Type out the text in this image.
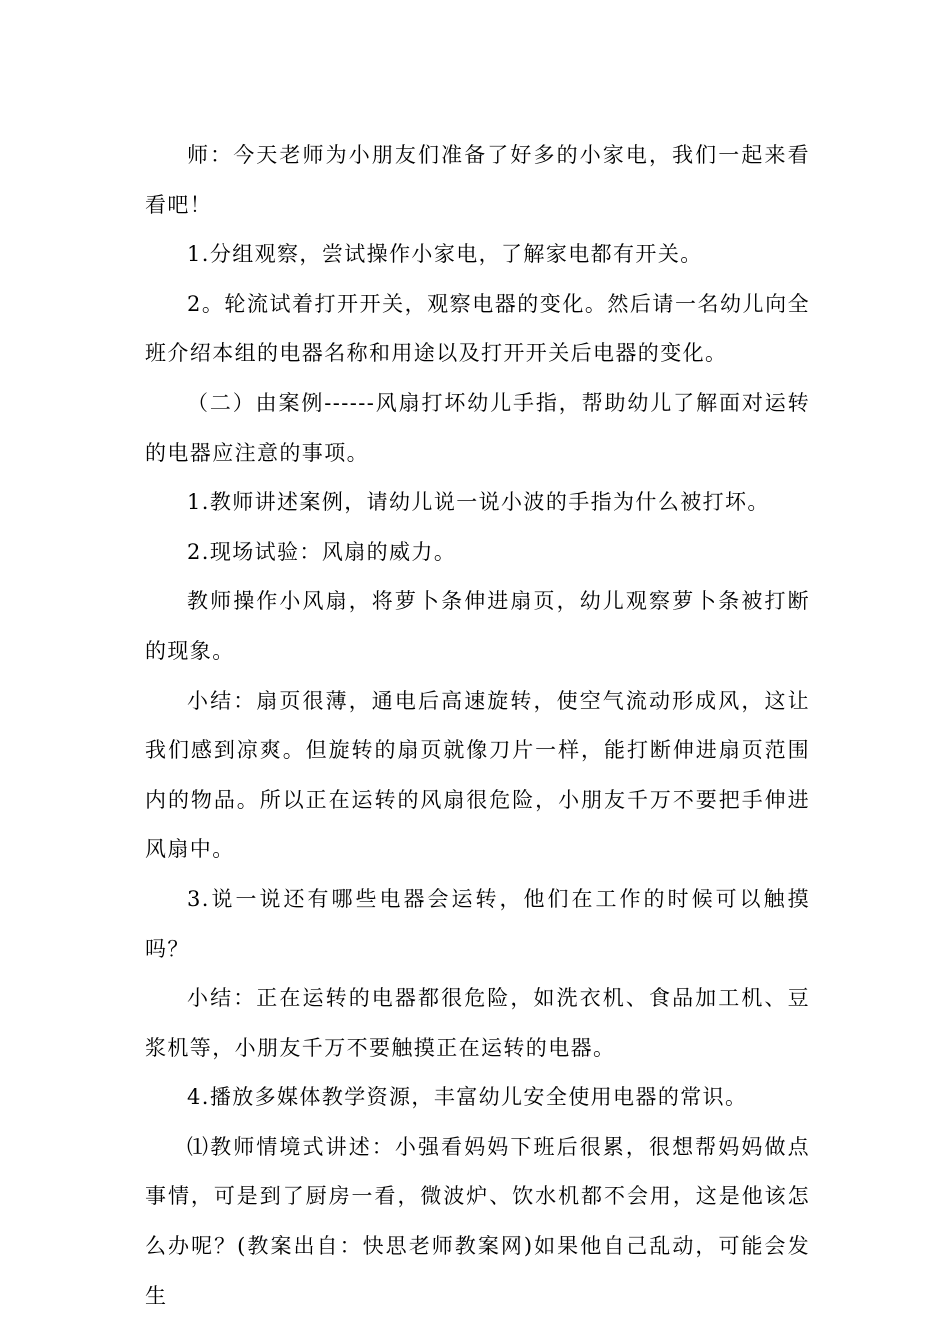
师：今天老师为小朋友们准备了好多的小家电，我们一起来看看吧！

1.分组观察，尝试操作小家电，了解家电都有开关。

2。轮流试着打开开关，观察电器的变化。然后请一名幼儿向全班介绍本组的电器名称和用途以及打开开关后电器的变化。

（二）由案例------风扇打坏幼儿手指，帮助幼儿了解面对运转的电器应注意的事项。

1.教师讲述案例，请幼儿说一说小波的手指为什么被打坏。

2.现场试验：风扇的威力。

教师操作小风扇，将萝卜条伸进扇页，幼儿观察萝卜条被打断的现象。

小结：扇页很薄，通电后高速旋转，使空气流动形成风，这让我们感到凉爽。但旋转的扇页就像刀片一样，能打断伸进扇页范围内的物品。所以正在运转的风扇很危险，小朋友千万不要把手伸进风扇中。

3.说一说还有哪些电器会运转，他们在工作的时候可以触摸吗？

小结：正在运转的电器都很危险，如洗衣机、食品加工机、豆浆机等，小朋友千万不要触摸正在运转的电器。

4.播放多媒体教学资源，丰富幼儿安全使用电器的常识。

⑴教师情境式讲述：小强看妈妈下班后很累，很想帮妈妈做点事情，可是到了厨房一看，微波炉、饮水机都不会用，这是他该怎么办呢？(教案出自：快思老师教案网)如果他自己乱动，可能会发生
